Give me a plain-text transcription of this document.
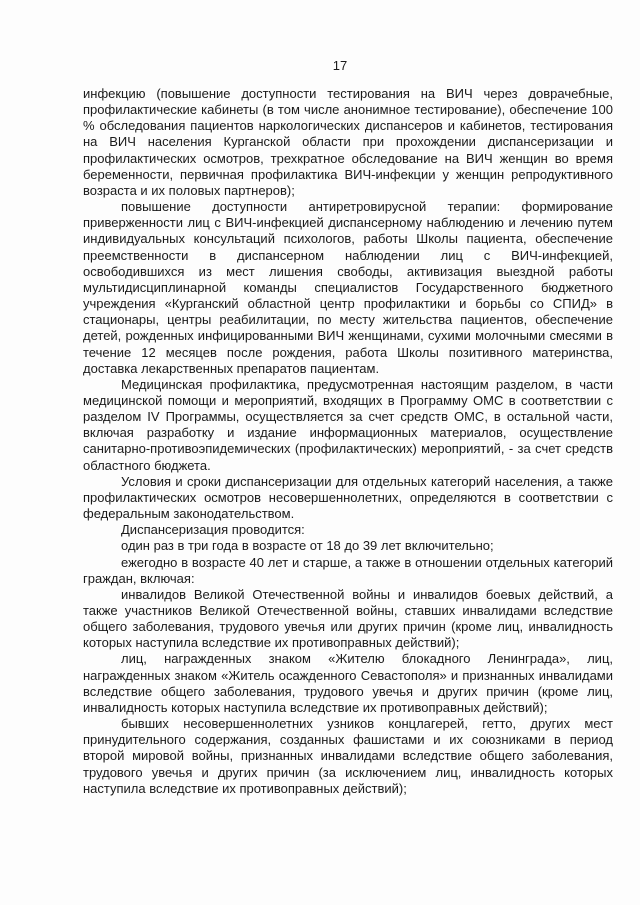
17

инфекцию (повышение доступности тестирования на ВИЧ через доврачебные, профилактические кабинеты (в том числе анонимное тестирование), обеспечение 100 % обследования пациентов наркологических диспансеров и кабинетов, тестирования на ВИЧ населения Курганской области при прохождении диспансеризации и профилактических осмотров, трехкратное обследование на ВИЧ женщин во время беременности, первичная профилактика ВИЧ-инфекции у женщин репродуктивного возраста и их половых партнеров);

повышение доступности антиретровирусной терапии: формирование приверженности лиц с ВИЧ-инфекцией диспансерному наблюдению и лечению путем индивидуальных консультаций психологов, работы Школы пациента, обеспечение преемственности в диспансерном наблюдении лиц с ВИЧ-инфекцией, освободившихся из мест лишения свободы, активизация выездной работы мультидисциплинарной команды специалистов Государственного бюджетного учреждения «Курганский областной центр профилактики и борьбы со СПИД» в стационары, центры реабилитации, по месту жительства пациентов, обеспечение детей, рожденных инфицированными ВИЧ женщинами, сухими молочными смесями в течение 12 месяцев после рождения, работа Школы позитивного материнства, доставка лекарственных препаратов пациентам.

Медицинская профилактика, предусмотренная настоящим разделом, в части медицинской помощи и мероприятий, входящих в Программу ОМС в соответствии с разделом IV Программы, осуществляется за счет средств ОМС, в остальной части, включая разработку и издание информационных материалов, осуществление санитарно-противоэпидемических (профилактических) мероприятий, - за счет средств областного бюджета.

Условия и сроки диспансеризации для отдельных категорий населения, а также профилактических осмотров несовершеннолетних, определяются в соответствии с федеральным законодательством.

Диспансеризация проводится:

один раз в три года в возрасте от 18 до 39 лет включительно;

ежегодно в возрасте 40 лет и старше, а также в отношении отдельных категорий граждан, включая:

инвалидов Великой Отечественной войны и инвалидов боевых действий, а также участников Великой Отечественной войны, ставших инвалидами вследствие общего заболевания, трудового увечья или других причин (кроме лиц, инвалидность которых наступила вследствие их противоправных действий);

лиц, награжденных знаком «Жителю блокадного Ленинграда», лиц, награжденных знаком «Житель осажденного Севастополя» и признанных инвалидами вследствие общего заболевания, трудового увечья и других причин (кроме лиц, инвалидность которых наступила вследствие их противоправных действий);

бывших несовершеннолетних узников концлагерей, гетто, других мест принудительного содержания, созданных фашистами и их союзниками в период второй мировой войны, признанных инвалидами вследствие общего заболевания, трудового увечья и других причин (за исключением лиц, инвалидность которых наступила вследствие их противоправных действий);
